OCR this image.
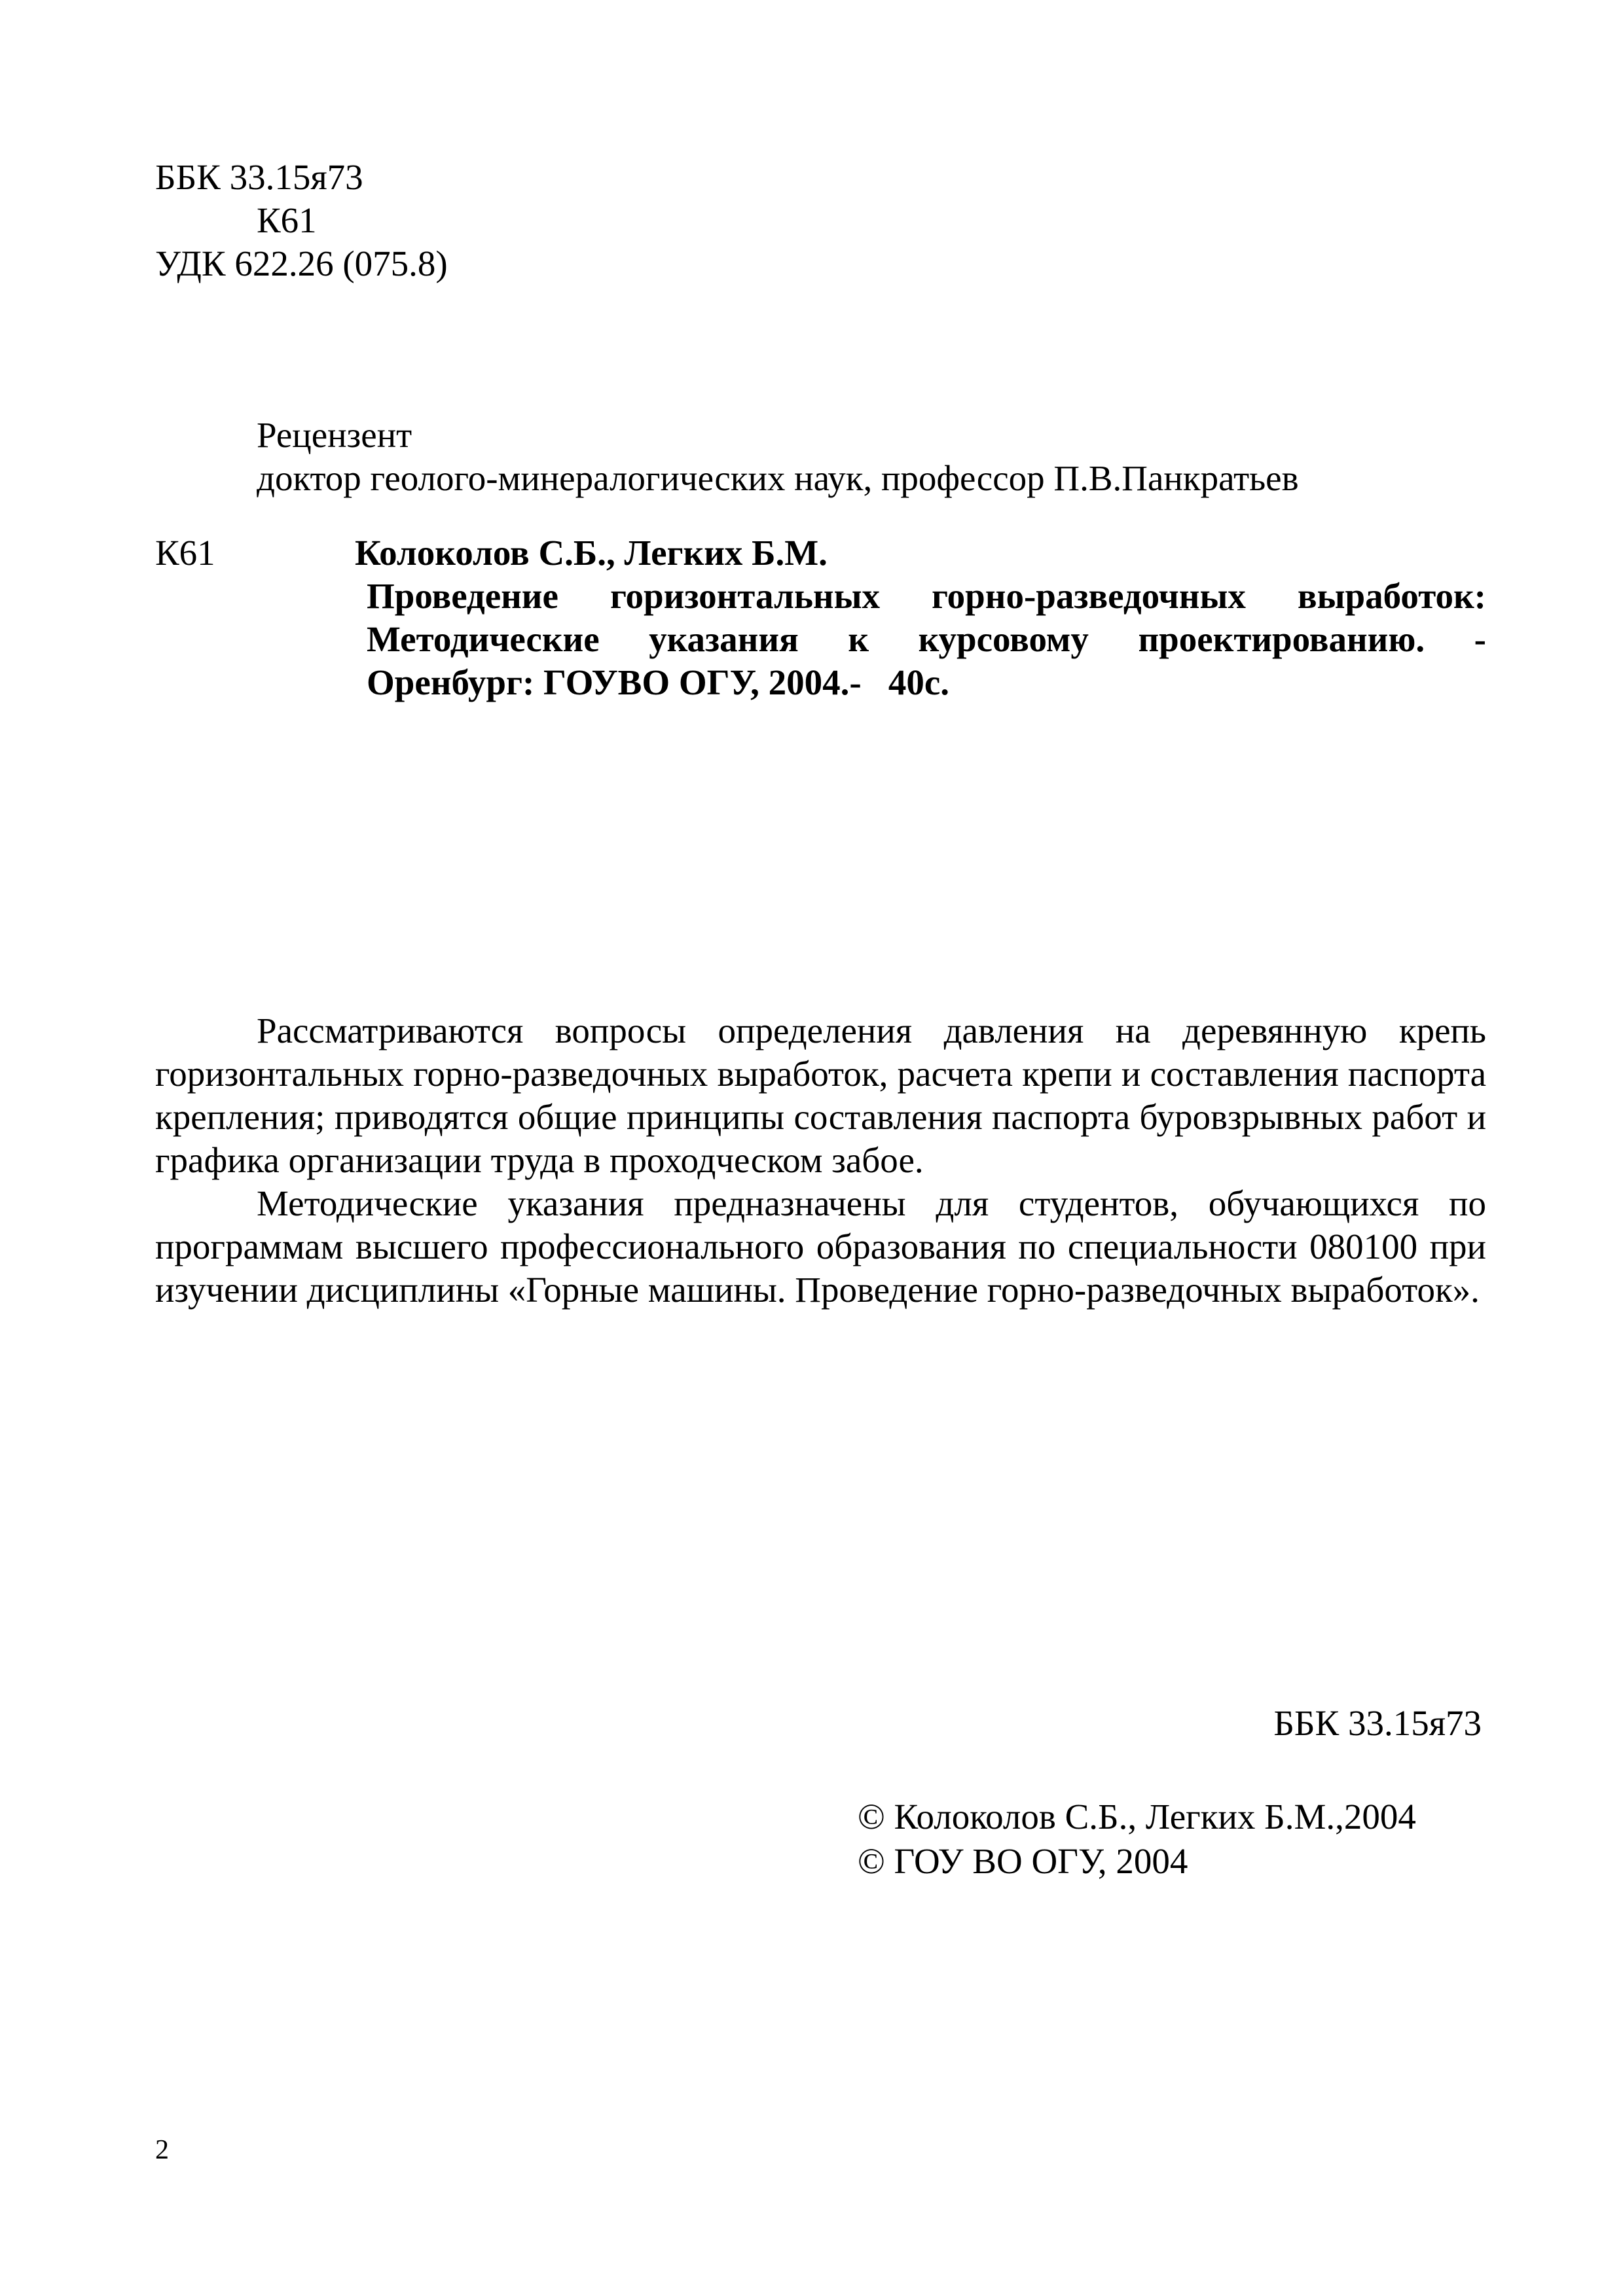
ББК 33.15я73
К61
УДК 622.26 (075.8)
Рецензент
доктор геолого-минералогических наук, профессор П.В.Панкратьев
К61	Колоколов С.Б., Легких Б.М.
Проведение горизонтальных горно-разведочных выработок:
Методические указания к курсовому проектированию. -
Оренбург: ГОУВО ОГУ, 2004.-   40с.

Рассматриваются вопросы определения давления на деревянную крепь горизонтальных горно-разведочных выработок, расчета крепи и составления паспорта крепления; приводятся общие принципы составления паспорта буровзрывных работ и графика организации труда в проходческом забое.

Методические указания предназначены для студентов, обучающихся по программам высшего профессионального образования по специальности 080100 при изучении дисциплины «Горные машины. Проведение горно-разведочных выработок».

ББК 33.15я73
© Колоколов С.Б., Легких Б.М.,2004
© ГОУ ВО ОГУ, 2004
2
